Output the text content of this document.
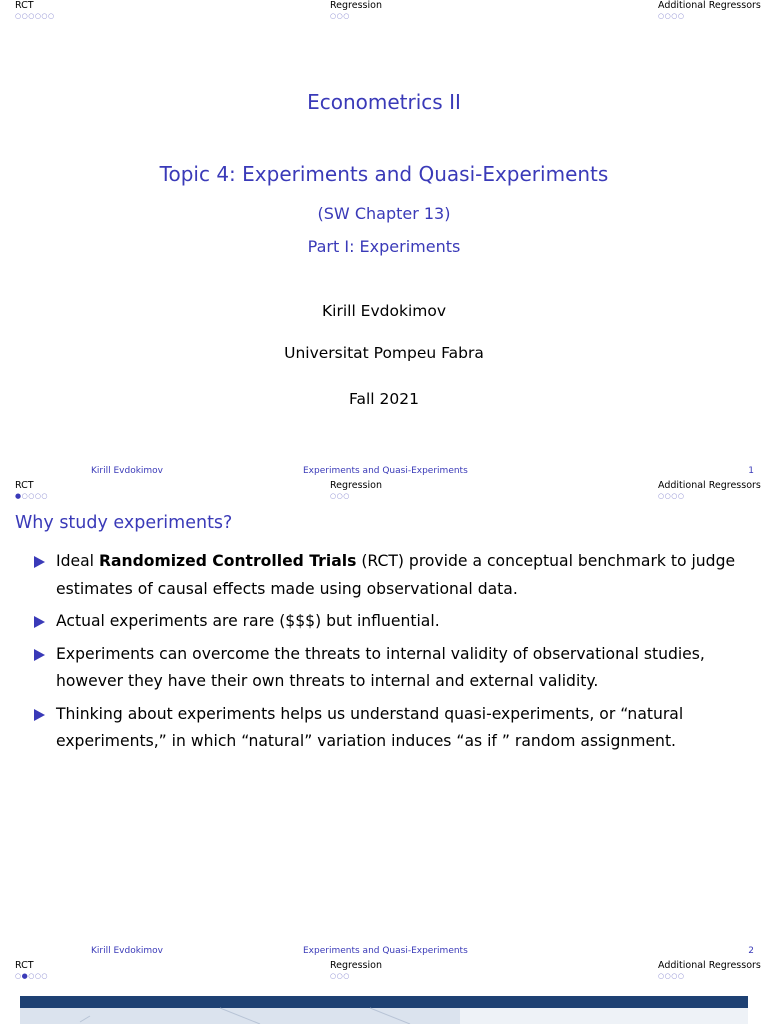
RCT
○○○○○○
Regression
○○○
Additional Regressors
○○○○
Econometrics II
Topic 4: Experiments and Quasi-Experiments
(SW Chapter 13)
Part I: Experiments
Kirill Evdokimov
Universitat Pompeu Fabra
Fall 2021
Kirill Evdokimov	Experiments and Quasi-Experiments	1
RCT
●○○○○
Regression
○○○
Additional Regressors
○○○○
Why study experiments?
Ideal Randomized Controlled Trials (RCT) provide a conceptual benchmark to judge estimates of causal effects made using observational data.
Actual experiments are rare ($$$) but influential.
Experiments can overcome the threats to internal validity of observational studies, however they have their own threats to internal and external validity.
Thinking about experiments helps us understand quasi-experiments, or “natural experiments,” in which “natural” variation induces “as if ” random assignment.
Kirill Evdokimov	Experiments and Quasi-Experiments	2
RCT
○●○○○
Regression
○○○
Additional Regressors
○○○○
